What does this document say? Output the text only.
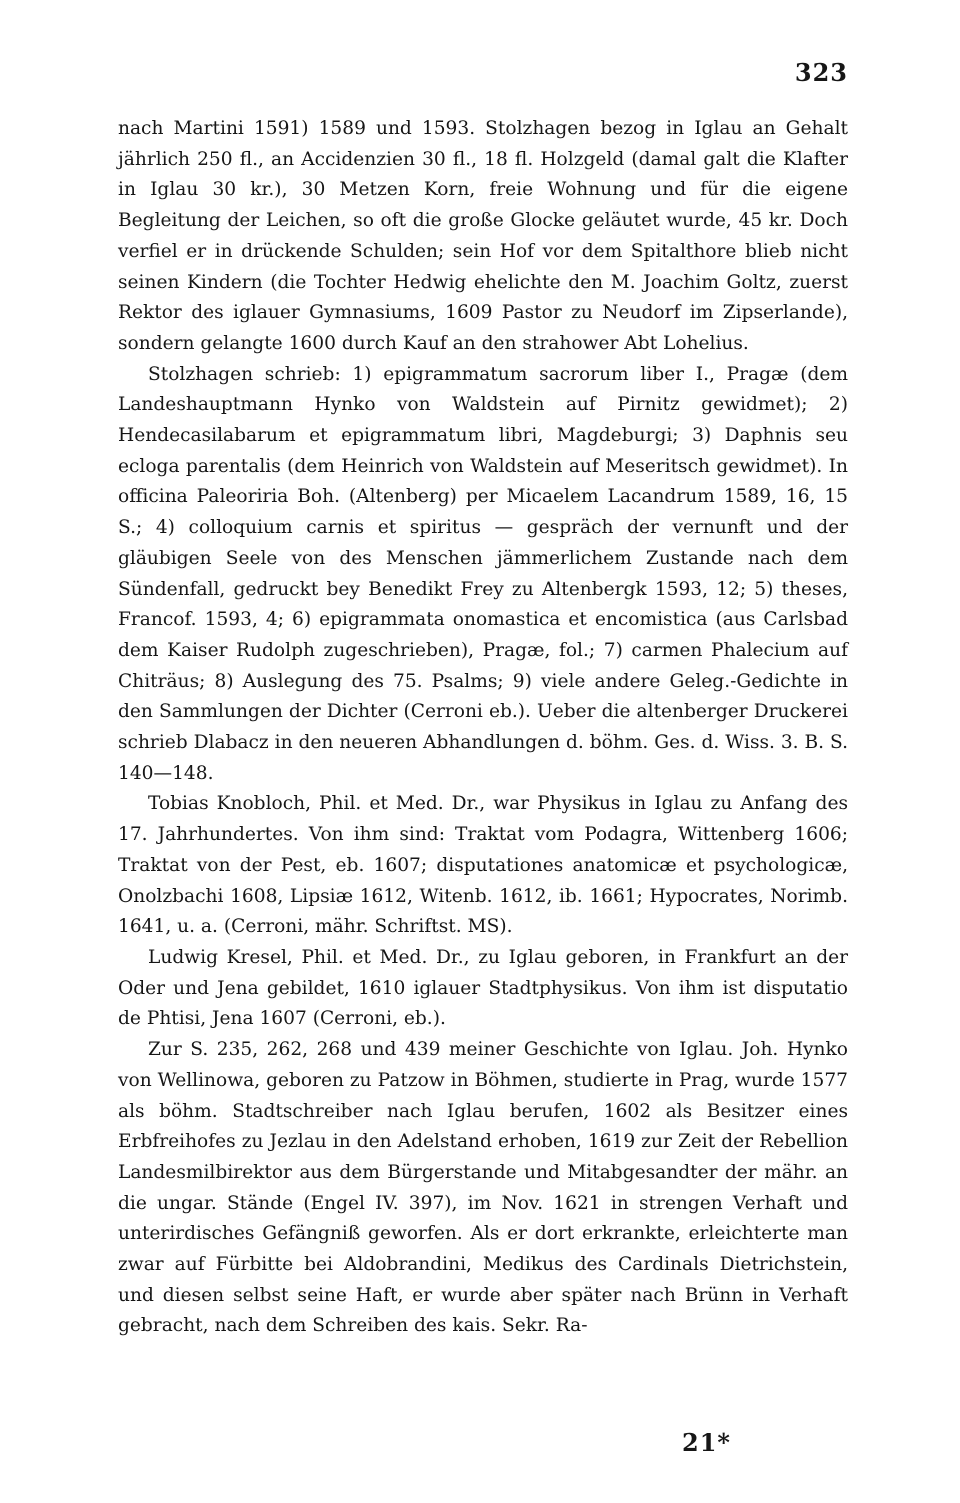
323

nach Martini 1591) 1589 und 1593. Stolzhagen bezog in Iglau an Gehalt jährlich 250 fl., an Accidenzien 30 fl., 18 fl. Holzgeld (damal galt die Klafter in Iglau 30 kr.), 30 Metzen Korn, freie Wohnung und für die eigene Begleitung der Leichen, so oft die große Glocke geläutet wurde, 45 kr. Doch verfiel er in drückende Schulden; sein Hof vor dem Spitalthore blieb nicht seinen Kindern (die Tochter Hedwig ehelichte den M. Joachim Goltz, zuerst Rektor des iglauer Gymnasiums, 1609 Pastor zu Neudorf im Zipserlande), sondern gelangte 1600 durch Kauf an den strahower Abt Lohelius.

Stolzhagen schrieb: 1) epigrammatum sacrorum liber I., Pragæ (dem Landeshauptmann Hynko von Waldstein auf Pirnitz gewidmet); 2) Hendecasilabarum et epigrammatum libri, Magdeburgi; 3) Daphnis seu ecloga parentalis (dem Heinrich von Waldstein auf Meseritsch gewidmet). In officina Paleoriria Boh. (Altenberg) per Micaelem Lacandrum 1589, 16, 15 S.; 4) colloquium carnis et spiritus — gespräch der vernunft und der gläubigen Seele von des Menschen jämmerlichem Zustande nach dem Sündenfall, gedruckt bey Benedikt Frey zu Altenbergk 1593, 12; 5) theses, Francof. 1593, 4; 6) epigrammata onomastica et encomistica (aus Carlsbad dem Kaiser Rudolph zugeschrieben), Pragæ, fol.; 7) carmen Phalecium auf Chiträus; 8) Auslegung des 75. Psalms; 9) viele andere Geleg.-Gedichte in den Sammlungen der Dichter (Cerroni eb.). Ueber die altenberger Druckerei schrieb Dlabacz in den neueren Abhandlungen d. böhm. Ges. d. Wiss. 3. B. S. 140—148.

Tobias Knobloch, Phil. et Med. Dr., war Physikus in Iglau zu Anfang des 17. Jahrhundertes. Von ihm sind: Traktat vom Podagra, Wittenberg 1606; Traktat von der Pest, eb. 1607; disputationes anatomicæ et psychologicæ, Onolzbachi 1608, Lipsiæ 1612, Witenb. 1612, ib. 1661; Hypocrates, Norimb. 1641, u. a. (Cerroni, mähr. Schriftst. MS).

Ludwig Kresel, Phil. et Med. Dr., zu Iglau geboren, in Frankfurt an der Oder und Jena gebildet, 1610 iglauer Stadtphysikus. Von ihm ist disputatio de Phtisi, Jena 1607 (Cerroni, eb.).

Zur S. 235, 262, 268 und 439 meiner Geschichte von Iglau. Joh. Hynko von Wellinowa, geboren zu Patzow in Böhmen, studierte in Prag, wurde 1577 als böhm. Stadtschreiber nach Iglau berufen, 1602 als Besitzer eines Erbfreihofes zu Jezlau in den Adelstand erhoben, 1619 zur Zeit der Rebellion Landesmilbirektor aus dem Bürgerstande und Mitabgesandter der mähr. an die ungar. Stände (Engel IV. 397), im Nov. 1621 in strengen Verhaft und unterirdisches Gefängniß geworfen. Als er dort erkrankte, erleichterte man zwar auf Fürbitte bei Aldobrandini, Medikus des Cardinals Dietrichstein, und diesen selbst seine Haft, er wurde aber später nach Brünn in Verhaft gebracht, nach dem Schreiben des kais. Sekr. Ra-

21*
